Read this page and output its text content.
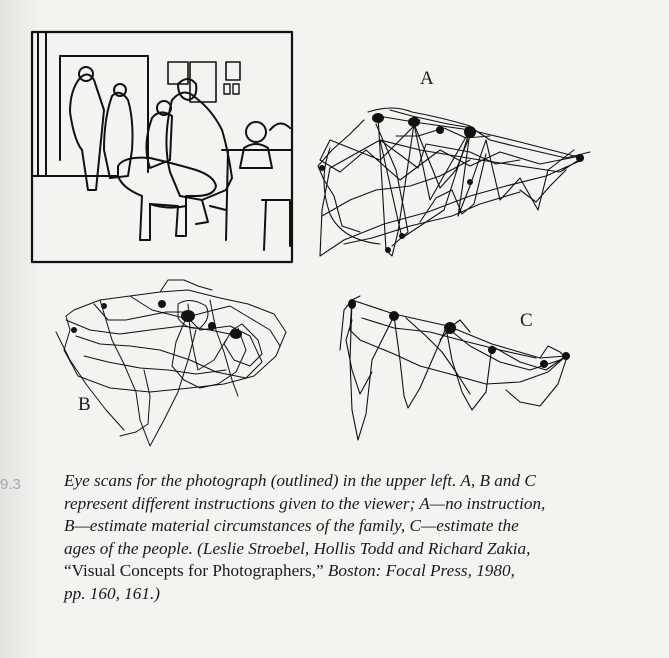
A
B
C
9.3	Eye scans for the photograph (outlined) in the upper left. A, B and C
represent different instructions given to the viewer; A—no instruction,
B—estimate material circumstances of the family, C—estimate the
ages of the people. (Leslie Stroebel, Hollis Todd and Richard Zakia,
“Visual Concepts for Photographers,” Boston: Focal Press, 1980,
pp. 160, 161.)
